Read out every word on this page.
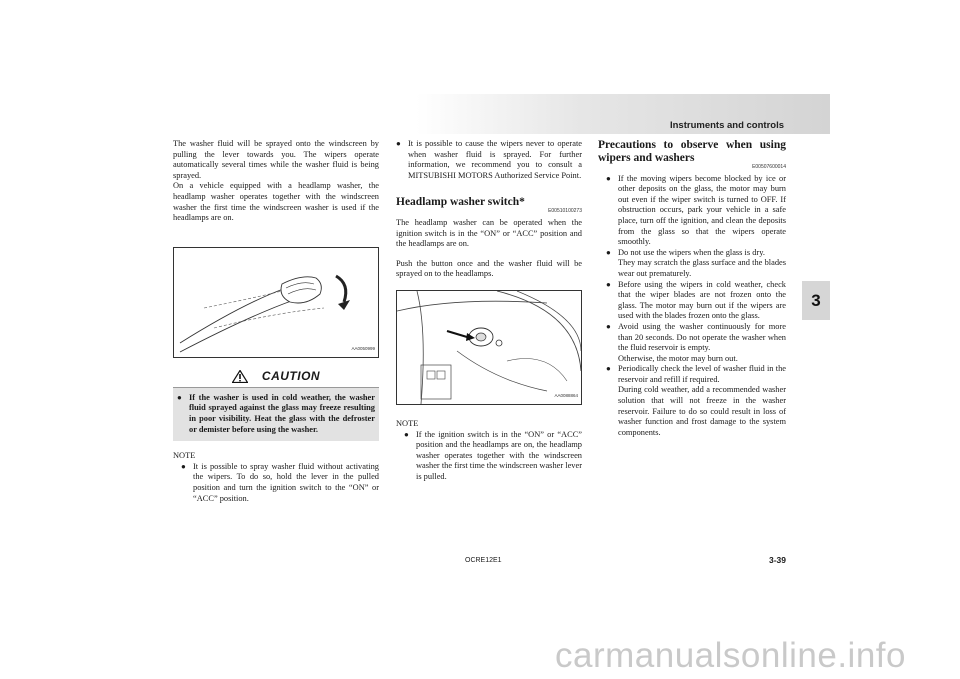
Instruments and controls
3

The washer fluid will be sprayed onto the windscreen by pulling the lever towards you. The wipers operate automatically several times while the washer fluid is being sprayed.

On a vehicle equipped with a headlamp washer, the headlamp washer operates together with the windscreen washer the first time the windscreen washer is used if the headlamps are on.

AA0050999
CAUTION
● If the washer is used in cold weather, the washer fluid sprayed against the glass may freeze resulting in poor visibility. Heat the glass with the defroster or demister before using the washer.

NOTE

● It is possible to spray washer fluid without activating the wipers. To do so, hold the lever in the pulled position and turn the ignition switch to the “ON” or “ACC” position.
● It is possible to cause the wipers never to operate when washer fluid is sprayed. For further information, we recommend you to consult a MITSUBISHI MOTORS Authorized Service Point.

Headlamp washer switch*

E00510100273

The headlamp washer can be operated when the ignition switch is in the “ON” or “ACC” position and the headlamps are on.

Push the button once and the washer fluid will be sprayed on to the headlamps.

AA0088864

NOTE

● If the ignition switch is in the “ON” or “ACC” position and the headlamps are on, the headlamp washer operates together with the windscreen washer the first time the windscreen washer lever is pulled.

Precautions to observe when using wipers and washers

E00507600014

● If the moving wipers become blocked by ice or other deposits on the glass, the motor may burn out even if the wiper switch is turned to OFF. If obstruction occurs, park your vehicle in a safe place, turn off the ignition, and clean the deposits from the glass so that the wipers operate smoothly.
● Do not use the wipers when the glass is dry.

They may scratch the glass surface and the blades wear out prematurely.

● Before using the wipers in cold weather, check that the wiper blades are not frozen onto the glass. The motor may burn out if the wipers are used with the blades frozen onto the glass.
● Avoid using the washer continuously for more than 20 seconds. Do not operate the washer when the fluid reservoir is empty.

Otherwise, the motor may burn out.

● Periodically check the level of washer fluid in the reservoir and refill if required.

During cold weather, add a recommended washer solution that will not freeze in the washer reservoir. Failure to do so could result in loss of washer function and frost damage to the system components.

OCRE12E1	3-39
carmanualsonline.info
